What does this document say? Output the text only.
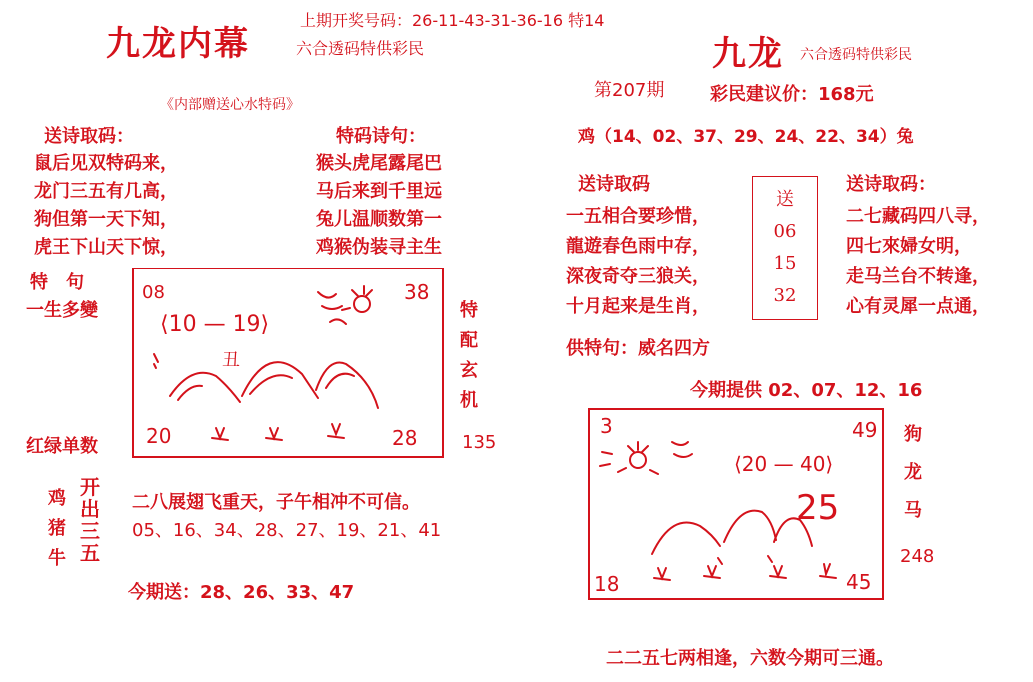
九龙内幕
上期开奖号码：26-11-43-31-36-16 特14
六合透码特供彩民
《内部赠送心水特码》
送诗取码：
鼠后见双特码来，
龙门三五有几高，
狗但第一天下知，
虎王下山天下惊，
特码诗句：
猴头虎尾露尾巴
马后来到千里远
兔儿温顺数第一
鸡猴伪装寻主生
特　句
一生多變
08	38
⟨10 — 19⟩
丑
20	28
特
配
玄
机
红绿单数	135
鸡
猪
牛
开
出
三
五
二八展翅飞重天，子午相冲不可信。
05、16、34、28、27、19、21、41
今期送：28、26、33、47
九龙 六合透码特供彩民
第207期	彩民建议价：168元
鸡（14、02、37、29、24、22、34）兔
送诗取码
一五相合要珍惜，
龍遊春色雨中存，
深夜奇夺三狼关，
十月起来是生肖，
送
06
15
32
送诗取码：
二七藏码四八寻，
四七來婦女明，
走马兰台不转逢，
心有灵犀一点通，
供特句：威名四方
今期提供 02、07、12、16
3	49
⟨20 — 40⟩
25
18	45
狗
龙
马
248
二二五七两相逢，六数今期可三通。
